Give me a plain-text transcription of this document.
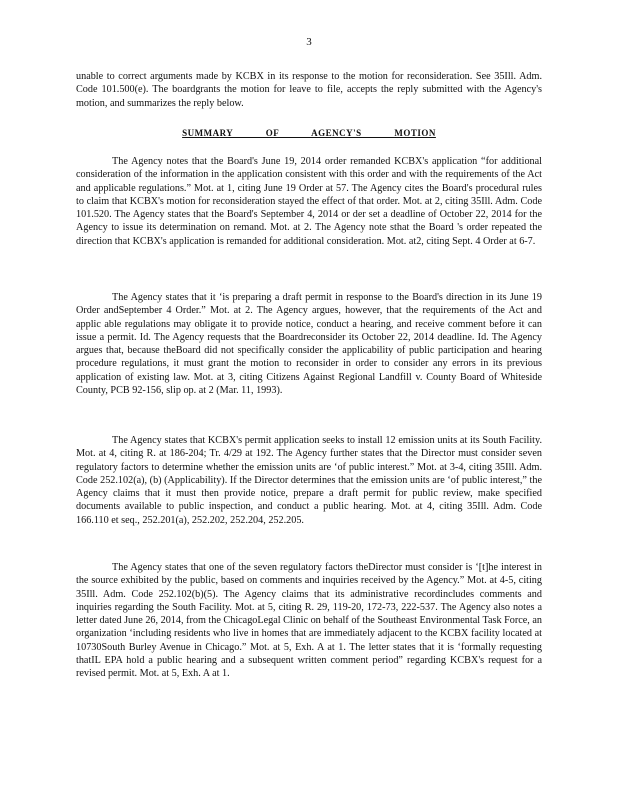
3

unable to correct arguments made by KCBX in its response to the motion for reconsideration. See 35Ill. Adm. Code 101.500(e). The boardgrants the motion for leave to file, accepts the reply submitted with the Agency's motion, and summarizes the reply below.

SUMMARY OF AGENCY'S MOTION

The Agency notes that the Board's June 19, 2014 order remanded KCBX's application “for additional consideration of the information in the application consistent with this order and with the requirements of the Act and applicable regulations.” Mot. at 1, citing June 19 Order at 57. The Agency cites the Board's procedural rules to claim that KCBX's motion for reconsideration stayed the effect of that order. Mot. at 2, citing 35Ill. Adm. Code 101.520. The Agency states that the Board's September 4, 2014 or der set a deadline of October 22, 2014 for the Agency to issue its determination on remand. Mot. at 2. The Agency note sthat the Board 's order repeated the direction that KCBX's application is remanded for additional consideration. Mot. at2, citing Sept. 4 Order at 6-7.

The Agency states that it ‘is preparing a draft permit in response to the Board's direction in its June 19 Order andSeptember 4 Order.” Mot. at 2. The Agency argues, however, that the requirements of the Act and applic able regulations may obligate it to provide notice, conduct a hearing, and receive comment before it can issue a permit. Id. The Agency requests that the Boardreconsider its October 22, 2014 deadline. Id. The Agency argues that, because theBoard did not specifically consider the applicability of public participation and hearing procedure regulations, it must grant the motion to reconsider in order to consider any errors in its previous application of existing law. Mot. at 3, citing Citizens Against Regional Landfill v. County Board of Whiteside County, PCB 92-156, slip op. at 2 (Mar. 11, 1993).

The Agency states that KCBX's permit application seeks to install 12 emission units at its South Facility. Mot. at 4, citing R. at 186-204; Tr. 4/29 at 192. The Agency further states that the Director must consider seven regulatory factors to determine whether the emission units are ‘of public interest.” Mot. at 3-4, citing 35Ill. Adm. Code 252.102(a), (b) (Applicability). If the Director determines that the emission units are ‘of public interest,” the Agency claims that it must then provide notice, prepare a draft permit for public review, make specified documents available to public inspection, and conduct a public hearing. Mot. at 4, citing 35Ill. Adm. Code 166.110 et seq., 252.201(a), 252.202, 252.204, 252.205.

The Agency states that one of the seven regulatory factors theDirector must consider is ‘[t]he interest in the source exhibited by the public, based on comments and inquiries received by the Agency.” Mot. at 4-5, citing 35Ill. Adm. Code 252.102(b)(5). The Agency claims that its administrative recordincludes comments and inquiries regarding the South Facility. Mot. at 5, citing R. 29, 119-20, 172-73, 222-537. The Agency also notes a letter dated June 26, 2014, from the ChicagoLegal Clinic on behalf of the Southeast Environmental Task Force, an organization ‘including residents who live in homes that are immediately adjacent to the KCBX facility located at 10730South Burley Avenue in Chicago.” Mot. at 5, Exh. A at 1. The letter states that it is ‘formally requesting thatIL EPA hold a public hearing and a subsequent written comment period” regarding KCBX's request for a revised permit. Mot. at 5, Exh. A at 1.
